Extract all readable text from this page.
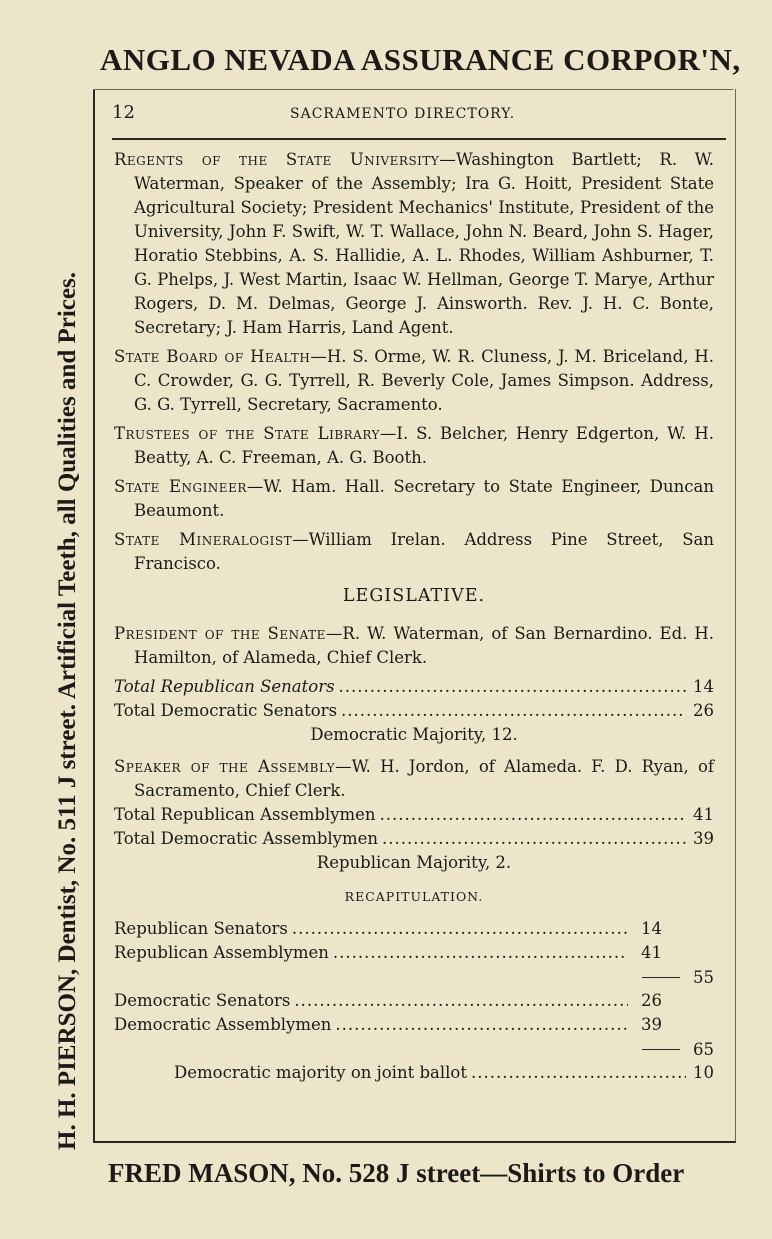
ANGLO NEVADA ASSURANCE CORPOR'N,
H. H. PIERSON, Dentist, No. 511 J street. Artificial Teeth, all Qualities and Prices.
12	SACRAMENTO DIRECTORY.

Regents of the State University—Washington Bartlett; R. W. Waterman, Speaker of the Assembly; Ira G. Hoitt, President State Agricultural Society; President Mechanics' Institute, President of the University, John F. Swift, W. T. Wallace, John N. Beard, John S. Hager, Horatio Stebbins, A. S. Hallidie, A. L. Rhodes, William Ashburner, T. G. Phelps, J. West Martin, Isaac W. Hellman, George T. Marye, Arthur Rogers, D. M. Delmas, George J. Ainsworth. Rev. J. H. C. Bonte, Secretary; J. Ham Harris, Land Agent.

State Board of Health—H. S. Orme, W. R. Cluness, J. M. Briceland, H. C. Crowder, G. G. Tyrrell, R. Beverly Cole, James Simpson. Address, G. G. Tyrrell, Secretary, Sacramento.

Trustees of the State Library—I. S. Belcher, Henry Edgerton, W. H. Beatty, A. C. Freeman, A. G. Booth.

State Engineer—W. Ham. Hall. Secretary to State Engineer, Duncan Beaumont.

State Mineralogist—William Irelan. Address Pine Street, San Francisco.

LEGISLATIVE.

President of the Senate—R. W. Waterman, of San Bernardino. Ed. H. Hamilton, of Alameda, Chief Clerk.

Total Republican Senators .....	14
Total Democratic Senators .....	26
Democratic Majority, 12.

Speaker of the Assembly—W. H. Jordon, of Alameda. F. D. Ryan, of Sacramento, Chief Clerk.

Total Republican Assemblymen .....	41
Total Democratic Assemblymen .....	39
Republican Majority, 2.
RECAPITULATION.
Republican Senators .....	14
Republican Assemblymen .....	41
55
Democratic Senators .....	26
Democratic Assemblymen .....	39
65
Democratic majority on joint ballot .....	10
FRED MASON, No. 528 J street—Shirts to Order
